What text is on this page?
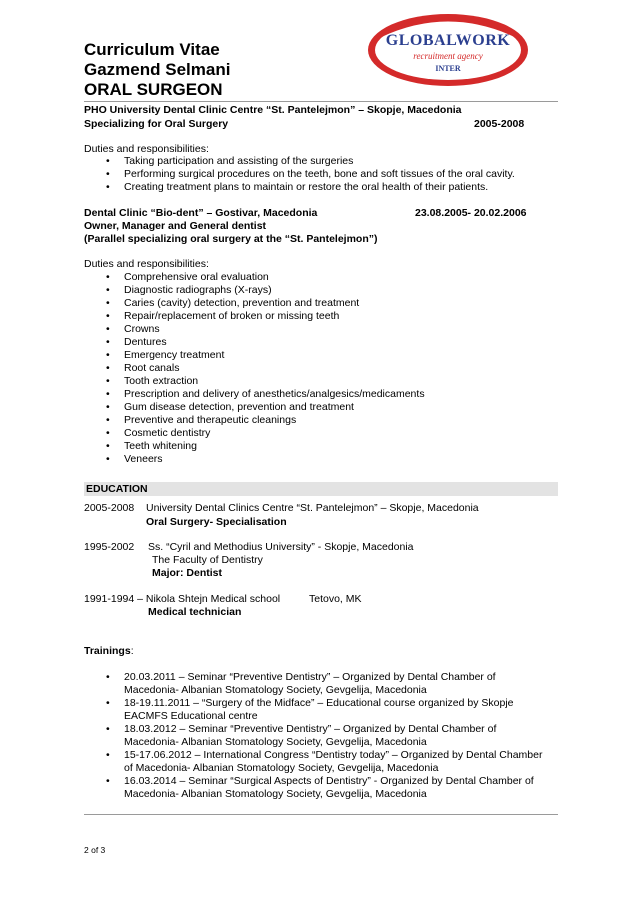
Curriculum Vitae
Gazmend Selmani
ORAL SURGEON
GLOBALWORK
recruitment agency
INTER
PHO University Dental Clinic Centre “St. Pantelejmon” – Skopje, Macedonia
Specializing for Oral Surgery	2005-2008
Duties and responsibilities:
• Taking participation and assisting of the surgeries
• Performing surgical procedures on the teeth, bone and soft tissues of the oral cavity.
• Creating treatment plans to maintain or restore the oral health of their patients.
Dental Clinic “Bio-dent” – Gostivar, Macedonia	23.08.2005- 20.02.2006
Owner, Manager and General dentist
(Parallel specializing oral surgery at the “St. Pantelejmon”)
Duties and responsibilities:
• Comprehensive oral evaluation
• Diagnostic radiographs (X-rays)
• Caries (cavity) detection, prevention and treatment
• Repair/replacement of broken or missing teeth
• Crowns
• Dentures
• Emergency treatment
• Root canals
• Tooth extraction
• Prescription and delivery of anesthetics/analgesics/medicaments
• Gum disease detection, prevention and treatment
• Preventive and therapeutic cleanings
• Cosmetic dentistry
• Teeth whitening
• Veneers
EDUCATION
2005-2008 University Dental Clinics Centre “St. Pantelejmon” – Skopje, Macedonia
Oral Surgery- Specialisation
1995-2002 Ss. “Cyril and Methodius University” - Skopje, Macedonia
The Faculty of Dentistry
Major: Dentist
1991-1994 – Nikola Shtejn Medical school	Tetovo, MK
Medical technician
Trainings:
• 20.03.2011 – Seminar “Preventive Dentistry” – Organized by Dental Chamber of
Macedonia- Albanian Stomatology Society, Gevgelija, Macedonia
• 18-19.11.2011 – “Surgery of the Midface” – Educational course organized by Skopje
EACMFS Educational centre
• 18.03.2012 – Seminar “Preventive Dentistry” – Organized by Dental Chamber of
Macedonia- Albanian Stomatology Society, Gevgelija, Macedonia
• 15-17.06.2012 – International Congress “Dentistry today” – Organized by Dental Chamber
of Macedonia- Albanian Stomatology Society, Gevgelija, Macedonia
• 16.03.2014 – Seminar “Surgical Aspects of Dentistry” - Organized by Dental Chamber of
Macedonia- Albanian Stomatology Society, Gevgelija, Macedonia
2 of 3
